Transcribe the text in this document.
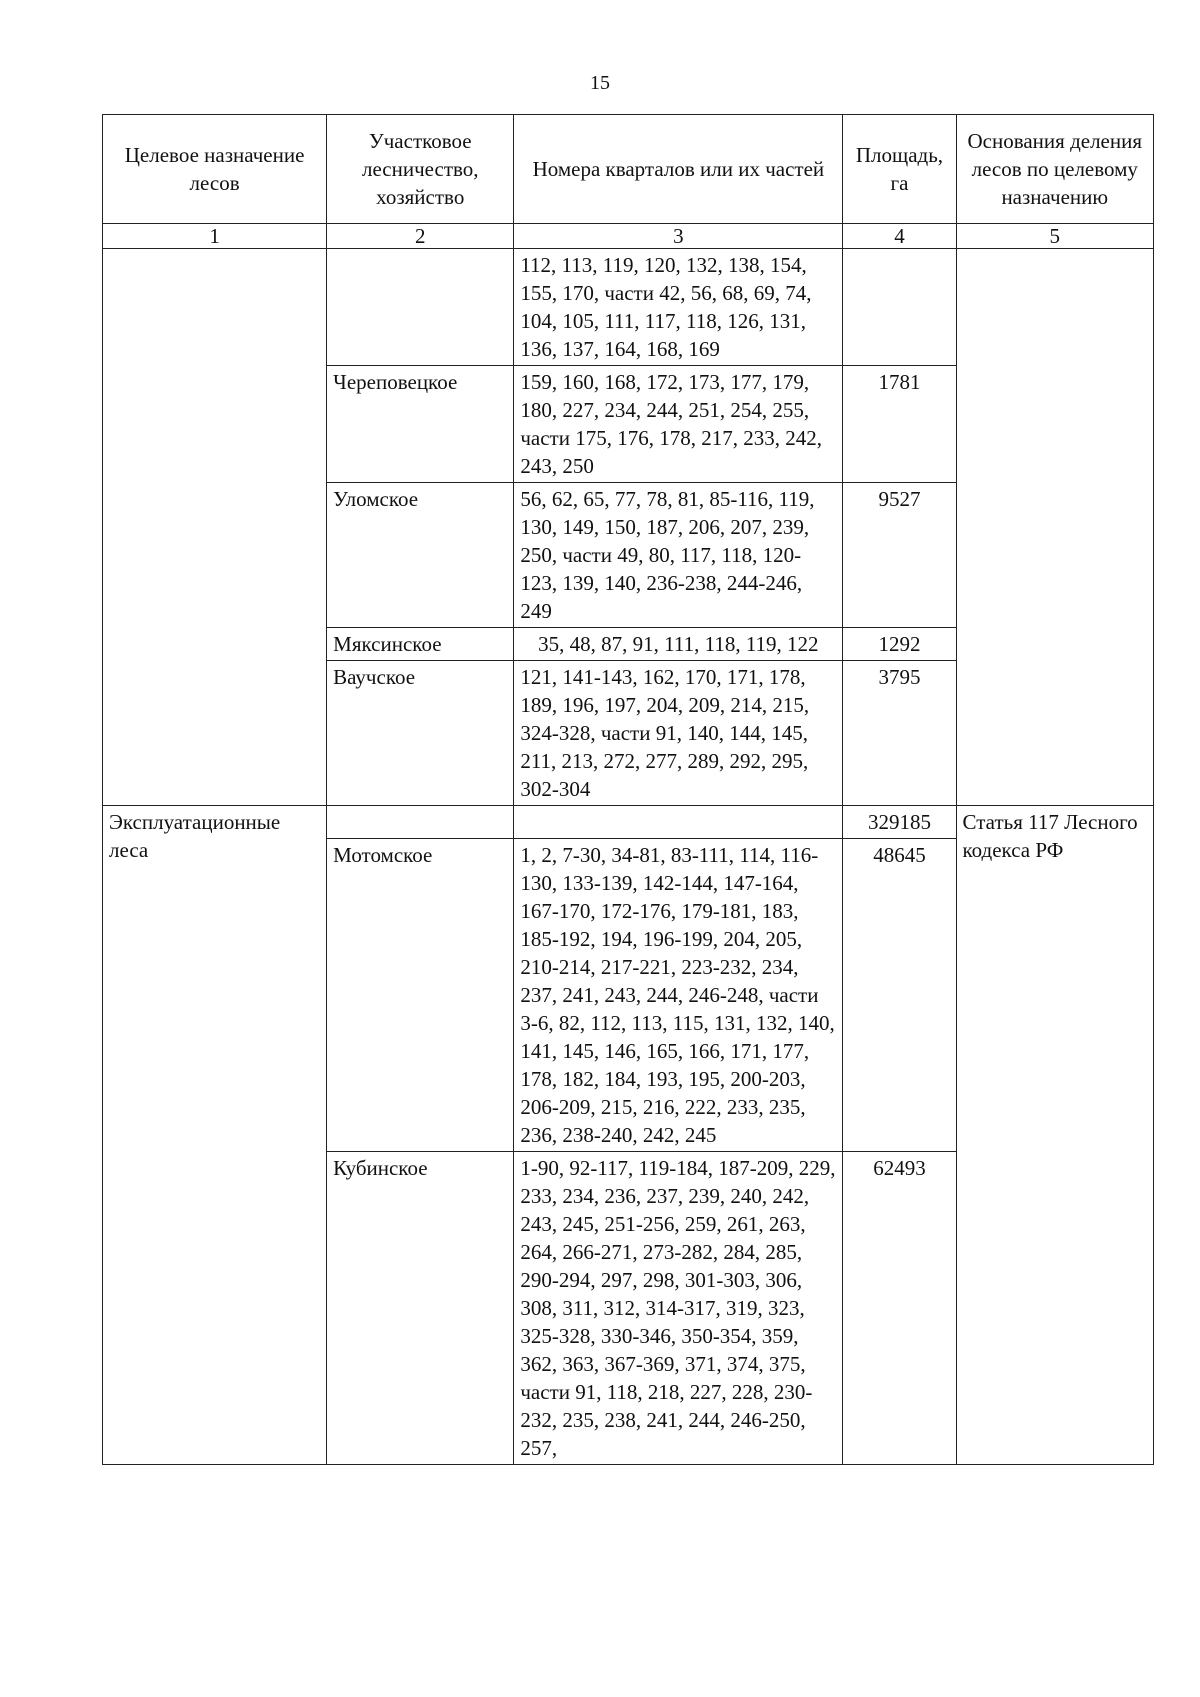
15
Целевое назначение лесов	Участковое лесничество, хозяйство	Номера кварталов или их частей	Площадь, га	Основания деления лесов по целевому назначению
1	2	3	4	5
		112, 113, 119, 120, 132, 138, 154, 155, 170, части 42, 56, 68, 69, 74, 104, 105, 111, 117, 118, 126, 131, 136, 137, 164, 168, 169		
	Череповецкое	159, 160, 168, 172, 173, 177, 179, 180, 227, 234, 244, 251, 254, 255, части 175, 176, 178, 217, 233, 242, 243, 250	1781	
	Уломское	56, 62, 65, 77, 78, 81, 85-116, 119, 130, 149, 150, 187, 206, 207, 239, 250, части 49, 80, 117, 118, 120-123, 139, 140, 236-238, 244-246, 249	9527	
	Мяксинское	35, 48, 87, 91, 111, 118, 119, 122	1292	
	Ваучское	121, 141-143, 162, 170, 171, 178, 189, 196, 197, 204, 209, 214, 215, 324-328, части 91, 140, 144, 145, 211, 213, 272, 277, 289, 292, 295, 302-304	3795	
Эксплуатационные леса			329185	Статья 117 Лесного кодекса РФ
	Мотомское	1, 2, 7-30, 34-81, 83-111, 114, 116-130, 133-139, 142-144, 147-164, 167-170, 172-176, 179-181, 183, 185-192, 194, 196-199, 204, 205, 210-214, 217-221, 223-232, 234, 237, 241, 243, 244, 246-248, части 3-6, 82, 112, 113, 115, 131, 132, 140, 141, 145, 146, 165, 166, 171, 177, 178, 182, 184, 193, 195, 200-203, 206-209, 215, 216, 222, 233, 235, 236, 238-240, 242, 245	48645	
	Кубинское	1-90, 92-117, 119-184, 187-209, 229, 233, 234, 236, 237, 239, 240, 242, 243, 245, 251-256, 259, 261, 263, 264, 266-271, 273-282, 284, 285, 290-294, 297, 298, 301-303, 306, 308, 311, 312, 314-317, 319, 323, 325-328, 330-346, 350-354, 359, 362, 363, 367-369, 371, 374, 375, части 91, 118, 218, 227, 228, 230-232, 235, 238, 241, 244, 246-250, 257,	62493	
